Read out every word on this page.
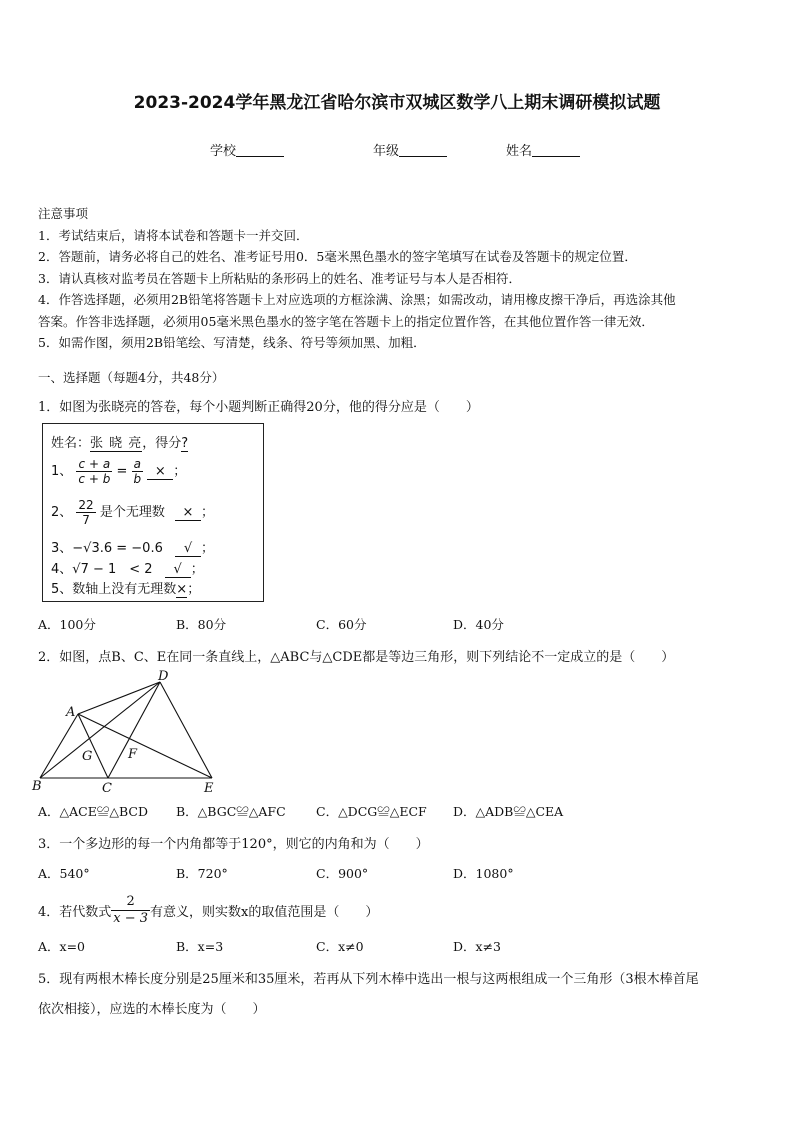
2023-2024学年黑龙江省哈尔滨市双城区数学八上期末调研模拟试题
学校	年级	姓名
注意事项
1．考试结束后，请将本试卷和答题卡一并交回．
2．答题前，请务必将自己的姓名、准考证号用0．5毫米黑色墨水的签字笔填写在试卷及答题卡的规定位置．
3．请认真核对监考员在答题卡上所粘贴的条形码上的姓名、准考证号与本人是否相符．
4．作答选择题，必须用2B铅笔将答题卡上对应选项的方框涂满、涂黑；如需改动，请用橡皮擦干净后，再选涂其他
答案。作答非选择题，必须用05毫米黑色墨水的签字笔在答题卡上的指定位置作答，在其他位置作答一律无效．
5．如需作图，须用2B铅笔绘、写清楚，线条、符号等须加黑、加粗．
一、选择题（每题4分，共48分）
1．如图为张晓亮的答卷，每个小题判断正确得20分，他的得分应是（　　）
姓名：张 晓 亮，得分?
1、 $\frac{c + a}{c + b} = \frac{a}{b}$ × ；
2、 $\frac{22}{7}$ 是个无理数 × ；
3、−√3.6 = −0.6 √ ；
4、√7 − 1　< 2 √ ；
5、数轴上没有无理数×；
A．100分	B．80分	C．60分	D．40分
2．如图，点B、C、E在同一条直线上，△ABC与△CDE都是等边三角形，则下列结论不一定成立的是（　　）
A
B	C
D
E
F
G
A．△ACE≌△BCD B．△BGC≌△AFC C．△DCG≌△ECF D．△ADB≌△CEA
3．一个多边形的每一个内角都等于120°，则它的内角和为（　　）
A．540°	B．720°	C．900°	D．1080°
4．若代数式 $\frac{2}{x - 3}$ 有意义，则实数x的取值范围是（　　）
A．x=0	B．x=3	C．x≠0	D．x≠3
5．现有两根木棒长度分别是25厘米和35厘米，若再从下列木棒中选出一根与这两根组成一个三角形（3根木棒首尾
依次相接），应选的木棒长度为（　　）
